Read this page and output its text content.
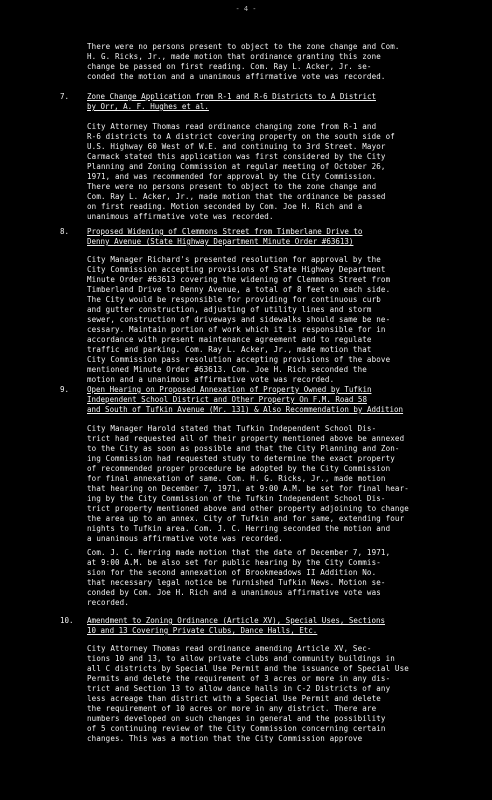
- 4 -
There were no persons present to object to the zone change and Com.
H. G. Ricks, Jr., made motion that ordinance granting this zone
change be passed on first reading. Com. Ray L. Acker, Jr. se-
conded the motion and a unanimous affirmative vote was recorded.
7. Zone Change Application from R-1 and R-6 Districts to A District
by Orr, A. F. Hughes et al.
City Attorney Thomas read ordinance changing zone from R-1 and
R-6 districts to A district covering property on the south side of
U.S. Highway 60 West of W.E. and continuing to 3rd Street. Mayor
Carmack stated this application was first considered by the City
Planning and Zoning Commission at regular meeting of October 26,
1971, and was recommended for approval by the City Commission.
There were no persons present to object to the zone change and
Com. Ray L. Acker, Jr., made motion that the ordinance be passed
on first reading. Motion seconded by Com. Joe H. Rich and a
unanimous affirmative vote was recorded.
8. Proposed Widening of Clemmons Street from Timberlane Drive to
Denny Avenue (State Highway Department Minute Order #63613)
City Manager Richard's presented resolution for approval by the
City Commission accepting provisions of State Highway Department
Minute Order #63613 covering the widening of Clemmons Street from
Timberland Drive to Denny Avenue, a total of 8 feet on each side.
The City would be responsible for providing for continuous curb
and gutter construction, adjusting of utility lines and storm
sewer, construction of driveways and sidewalks should same be ne-
cessary. Maintain portion of work which it is responsible for in
accordance with present maintenance agreement and to regulate
traffic and parking. Com. Ray L. Acker, Jr., made motion that
City Commission pass resolution accepting provisions of the above
mentioned Minute Order #63613. Com. Joe H. Rich seconded the
motion and a unanimous affirmative vote was recorded.
9. Open Hearing on Proposed Annexation of Property Owned by Tufkin
Independent School District and Other Property On F.M. Road 58
and South of Tufkin Avenue (Mr. 131) & Also Recommendation by Addition
City Manager Harold stated that Tufkin Independent School Dis-
trict had requested all of their property mentioned above be annexed
to the City as soon as possible and that the City Planning and Zon-
ing Commission had requested study to determine the exact property
of recommended proper procedure be adopted by the City Commission
for final annexation of same. Com. H. G. Ricks, Jr., made motion
that hearing on December 7, 1971, at 9:00 A.M. be set for final hear-
ing by the City Commission of the Tufkin Independent School Dis-
trict property mentioned above and other property adjoining to change
the area up to an annex. City of Tufkin and for same, extending four
nights to Tufkin area. Com. J. C. Herring seconded the motion and
a unanimous affirmative vote was recorded.
Com. J. C. Herring made motion that the date of December 7, 1971,
at 9:00 A.M. be also set for public hearing by the City Commis-
sion for the second annexation of Brookmeadows II Addition No.
that necessary legal notice be furnished Tufkin News. Motion se-
conded by Com. Joe H. Rich and a unanimous affirmative vote was
recorded.
10. Amendment to Zoning Ordinance (Article XV), Special Uses, Sections
10 and 13 Covering Private Clubs, Dance Halls, Etc.
City Attorney Thomas read ordinance amending Article XV, Sec-
tions 10 and 13, to allow private clubs and community buildings in
all C districts by Special Use Permit and the issuance of Special Use
Permits and delete the requirement of 3 acres or more in any dis-
trict and Section 13 to allow dance halls in C-2 Districts of any
less acreage than district with a Special Use Permit and delete
the requirement of 10 acres or more in any district. There are
numbers developed on such changes in general and the possibility
of 5 continuing review of the City Commission concerning certain
changes. This was a motion that the City Commission approve
